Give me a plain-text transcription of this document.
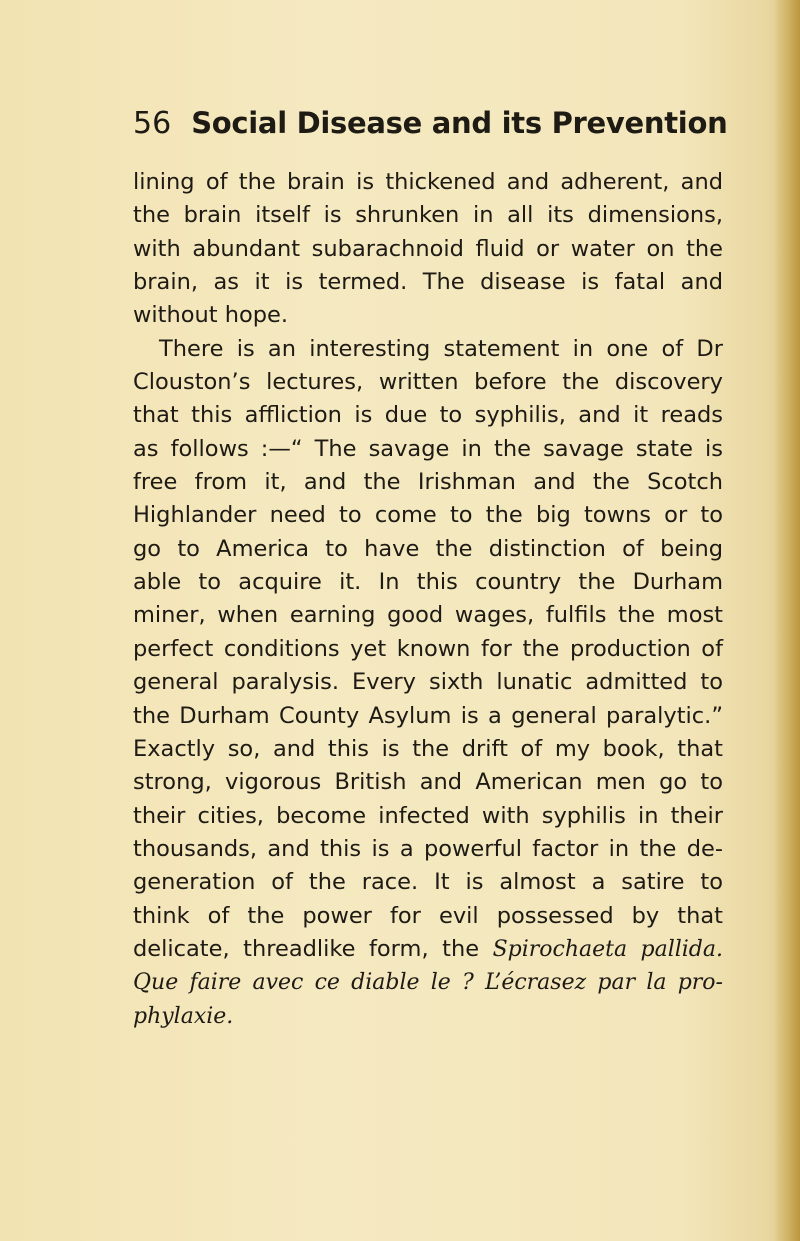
56 Social Disease and its Prevention
lining of the brain is thickened and adherent, and
the brain itself is shrunken in all its dimensions,
with abundant subarachnoid fluid or water on the
brain, as it is termed. The disease is fatal and
without hope.
There is an interesting statement in one of Dr
Clouston’s lectures, written before the discovery
that this affliction is due to syphilis, and it reads
as follows :—“ The savage in the savage state is
free from it, and the Irishman and the Scotch
Highlander need to come to the big towns or to
go to America to have the distinction of being
able to acquire it. In this country the Durham
miner, when earning good wages, fulfils the most
perfect conditions yet known for the production of
general paralysis. Every sixth lunatic admitted to
the Durham County Asylum is a general paralytic.”
Exactly so, and this is the drift of my book, that
strong, vigorous British and American men go to
their cities, become infected with syphilis in their
thousands, and this is a powerful factor in the de-
generation of the race. It is almost a satire to
think of the power for evil possessed by that
delicate, threadlike form, the Spirochaeta pallida.
Que faire avec ce diable le ? L’écrasez par la pro-
phylaxie.
